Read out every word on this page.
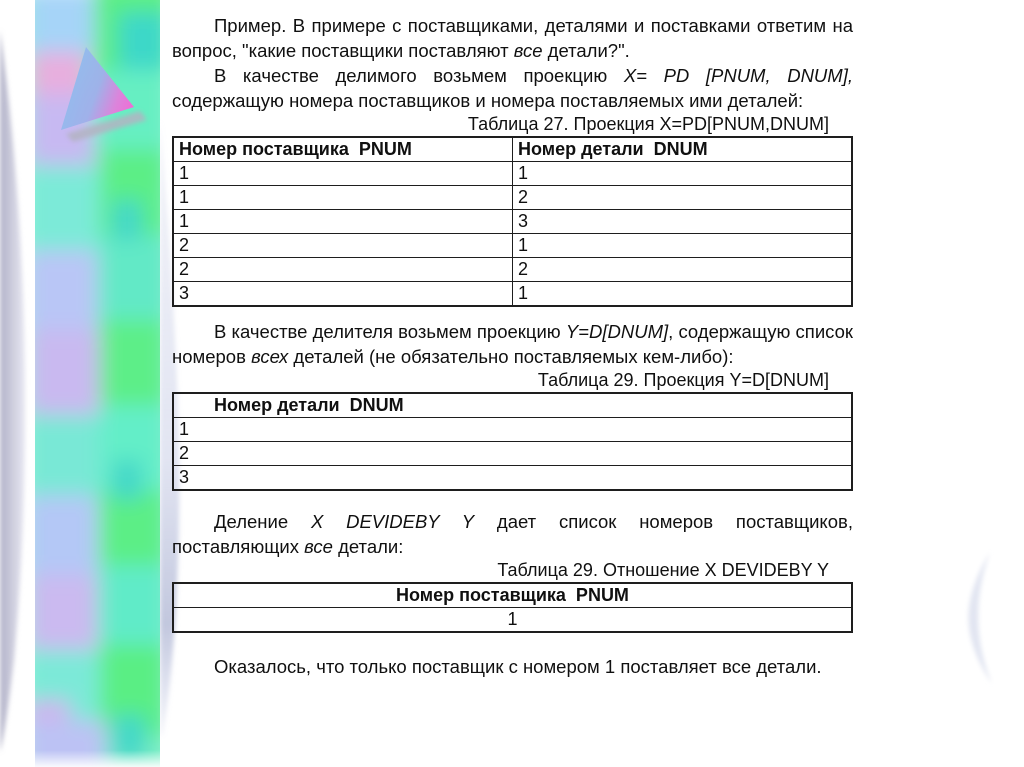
Пример. В примере с поставщиками, деталями и поставками ответим на вопрос, "какие поставщики поставляют все детали?".

В качестве делимого возьмем проекцию X= PD [PNUM, DNUM], содержащую номера поставщиков и номера поставляемых ими деталей:

Таблица 27. Проекция X=PD[PNUM,DNUM]
Номер поставщика  PNUM	Номер детали  DNUM
1	1
1	2
1	3
2	1
2	2
3	1

В качестве делителя возьмем проекцию Y=D[DNUM], содержащую список номеров всех деталей (не обязательно поставляемых кем-либо):

Таблица 29. Проекция Y=D[DNUM]
Номер детали  DNUM
1
2
3

Деление X DEVIDEBY Y дает список номеров поставщиков, поставляющих все детали:

Таблица 29. Отношение X DEVIDEBY Y
Номер поставщика  PNUM
1

Оказалось, что только поставщик с номером 1 поставляет все детали.
